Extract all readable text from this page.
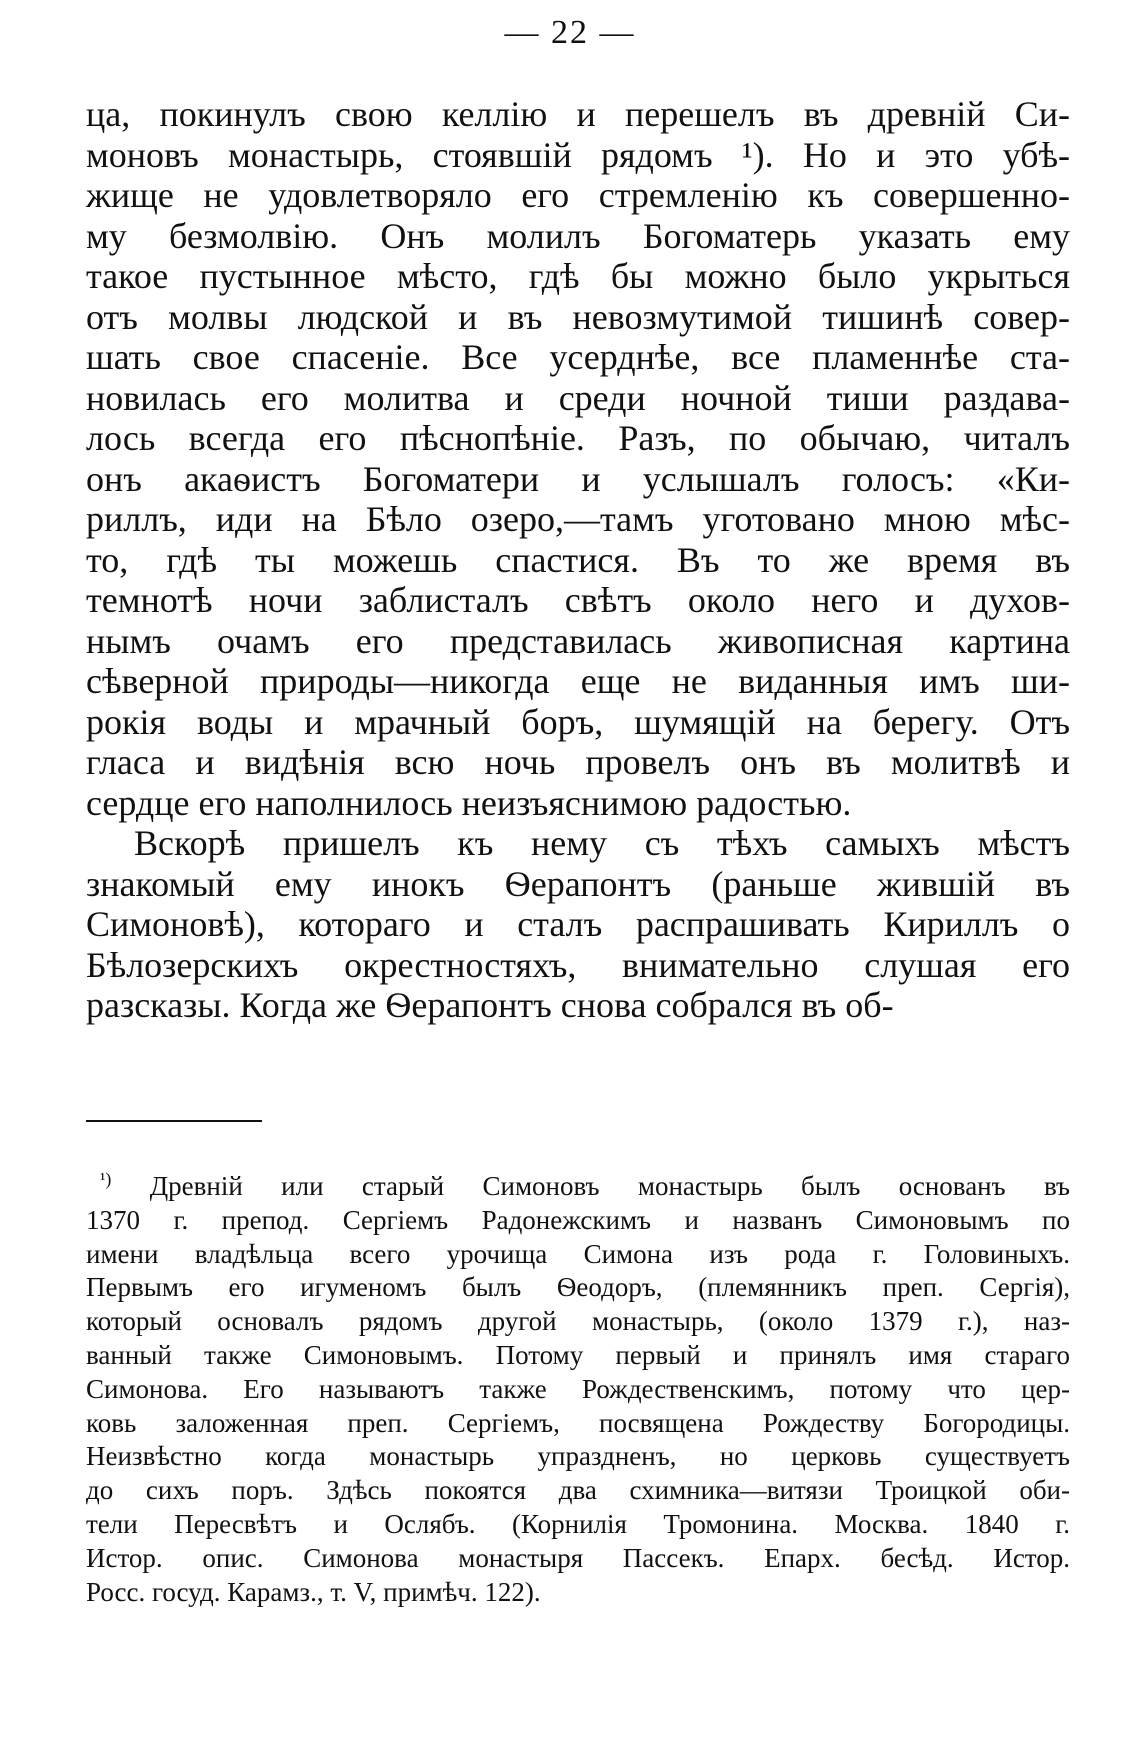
— 22 —
ца, покинулъ свою келлію и перешелъ въ древній Си-
моновъ монастырь, стоявшій рядомъ ¹). Но и это убѣ-
жище не удовлетворяло его стремленію къ совершенно-
му безмолвію. Онъ молилъ Богоматерь указать ему
такое пустынное мѣсто, гдѣ бы можно было укрыться
отъ молвы людской и въ невозмутимой тишинѣ совер-
шать свое спасеніе. Все усерднѣе, все пламеннѣе ста-
новилась его молитва и среди ночной тиши раздава-
лось всегда его пѣснопѣніе. Разъ, по обычаю, читалъ
онъ акаѳистъ Богоматери и услышалъ голосъ: «Ки-
риллъ, иди на Бѣло озеро,—тамъ уготовано мною мѣс-
то, гдѣ ты можешь спастися. Въ то же время въ
темнотѣ ночи заблисталъ свѣтъ около него и духов-
нымъ очамъ его представилась живописная картина
сѣверной природы—никогда еще не виданныя имъ ши-
рокія воды и мрачный боръ, шумящій на берегу. Отъ
гласа и видѣнія всю ночь провелъ онъ въ молитвѣ и
сердце его наполнилось неизъяснимою радостью.
Вскорѣ пришелъ къ нему съ тѣхъ самыхъ мѣстъ
знакомый ему инокъ Ѳерапонтъ (раньше жившій въ
Симоновѣ), котораго и сталъ распрашивать Кириллъ о
Бѣлозерскихъ окрестностяхъ, внимательно слушая его
разсказы. Когда же Ѳерапонтъ снова собрался въ об-
$^{^1)}$ Древній или старый Симоновъ монастырь былъ основанъ въ
1370 г. препод. Сергіемъ Радонежскимъ и названъ Симоновымъ по
имени владѣльца всего урочища Симона изъ рода г. Головиныхъ.
Первымъ его игуменомъ былъ Ѳеодоръ, (племянникъ преп. Сергія),
который основалъ рядомъ другой монастырь, (около 1379 г.), наз-
ванный также Симоновымъ. Потому первый и принялъ имя стараго
Симонова. Его называютъ также Рождественскимъ, потому что цер-
ковь заложенная преп. Сергіемъ, посвящена Рождеству Богородицы.
Неизвѣстно когда монастырь упраздненъ, но церковь существуетъ
до сихъ поръ. Здѣсь покоятся два схимника—витязи Троицкой оби-
тели Пересвѣтъ и Ослябъ. (Корнилія Тромонина. Москва. 1840 г.
Истор. опис. Симонова монастыря Пассекъ. Епарх. бесѣд. Истор.
Росс. госуд. Карамз., т. V, примѣч. 122).
